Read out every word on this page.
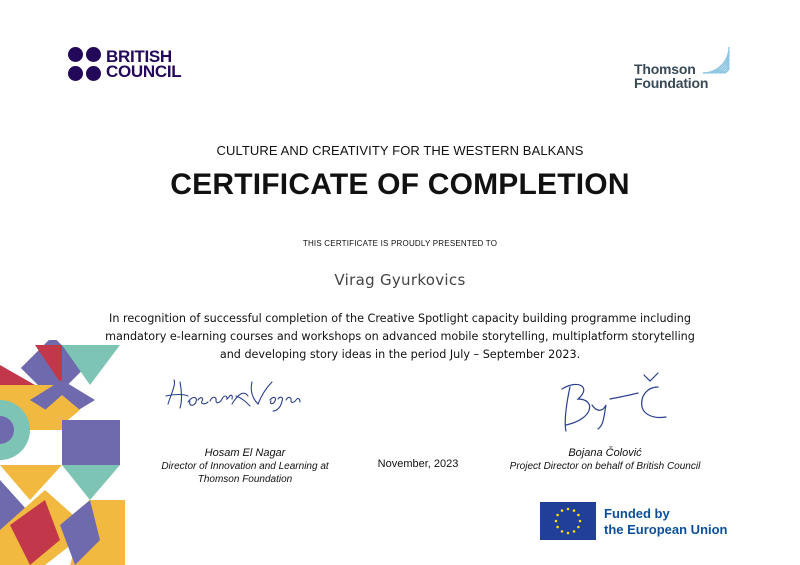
BRITISH
COUNCIL	Thomson
Foundation
CULTURE AND CREATIVITY FOR THE WESTERN BALKANS
CERTIFICATE OF COMPLETION
THIS CERTIFICATE IS PROUDLY PRESENTED TO
Virag Gyurkovics
In recognition of successful completion of the Creative Spotlight capacity building programme including
mandatory e-learning courses and workshops on advanced mobile storytelling, multiplatform storytelling
and developing story ideas in the period July – September 2023.
Hosam El Nagar
Director of Innovation and Learning at
Thomson Foundation
November, 2023
Bojana Čolović
Project Director on behalf of British Council
Funded by
the European Union
